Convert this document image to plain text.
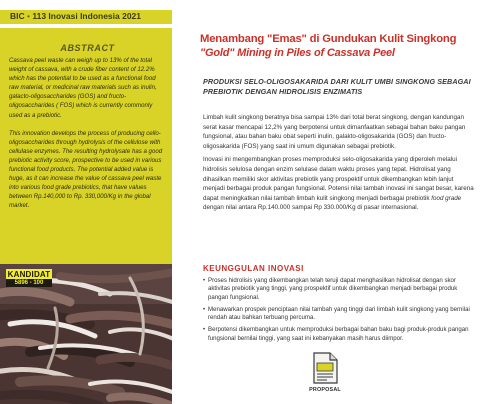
BIC • 113 Inovasi Indonesia 2021
ABSTRACT

Cassava peel waste can weigh up to 13% of the total weight of cassava, with a crude fiber content of 12.2% which has the potential to be used as a functional food raw material, or medicinal raw materials such as inulin, galacto-oligosaccharides (GOS) and fructo-oligosaccharides ( FOS) which is currently commonly used as a prebiotic.

This innovation develops the process of producing cello-oligosaccharides through hydrolysis of the cellulose with cellulase enzymes. The resulting hydrolysate has a good prebiotic activity score, prospective to be used in various functional food products. The potential added value is huge, as it can increase the value of cassava peel waste into various food grade prebiotics, that have values between Rp.140,000 to Rp. 330,000/Kg in the global market.

KANDIDAT
5896 - 100
Menambang "Emas" di Gundukan Kulit Singkong
"Gold" Mining in Piles of Cassava Peel
PRODUKSI SELO-OLIGOSAKARIDA DARI KULIT UMBI SINGKONG SEBAGAI PREBIOTIK DENGAN HIDROLISIS ENZIMATIS

Limbah kulit singkong beratnya bisa sampai 13% dari total berat singkong, dengan kandungan serat kasar mencapai 12,2% yang berpotensi untuk dimanfaatkan sebagai bahan baku pangan fungsional, atau bahan baku obat seperti inulin, galakto-oligosakarida (GOS) dan fructo-oligosakarida (FOS) yang saat ini umum digunakan sebagai prebiotik.

Inovasi ini mengembangkan proses memproduksi selo-oligosakarida yang diperoleh melalui hidrolisis selulosa dengan enzim selulase dalam waktu proses yang tepat. Hidrolisat yang dihasilkan memiliki skor aktivitas prebiotik yang prospektif untuk dikembangkan lebih lanjut menjadi berbagai produk pangan fungsional. Potensi nilai tambah inovasi ini sangat besar, karena dapat meningkatkan nilai tambah limbah kulit singkong menjadi berbagai prebiotik food grade dengan nilai antara Rp.140.000 sampai Rp 330.000/Kg di pasar internasional.

KEUNGGULAN INOVASI
• Proses hidrolisis yang dikembangkan telah teruji dapat menghasilkan hidrolisat dengan skor aktivitas prebiotik yang tinggi, yang prospektif untuk dikembangkan menjadi berbagai produk pangan fungsional.
• Menawarkan prospek penciptaan nilai tambah yang tinggi dari limbah kulit singkong yang bernilai rendah atau bahkan terbuang percuma.
• Berpotensi dikembangkan untuk memproduksi berbagai bahan baku bagi produk-produk pangan fungsional bernilai tinggi, yang saat ini kebanyakan masih harus diimpor.
PROPOSAL
